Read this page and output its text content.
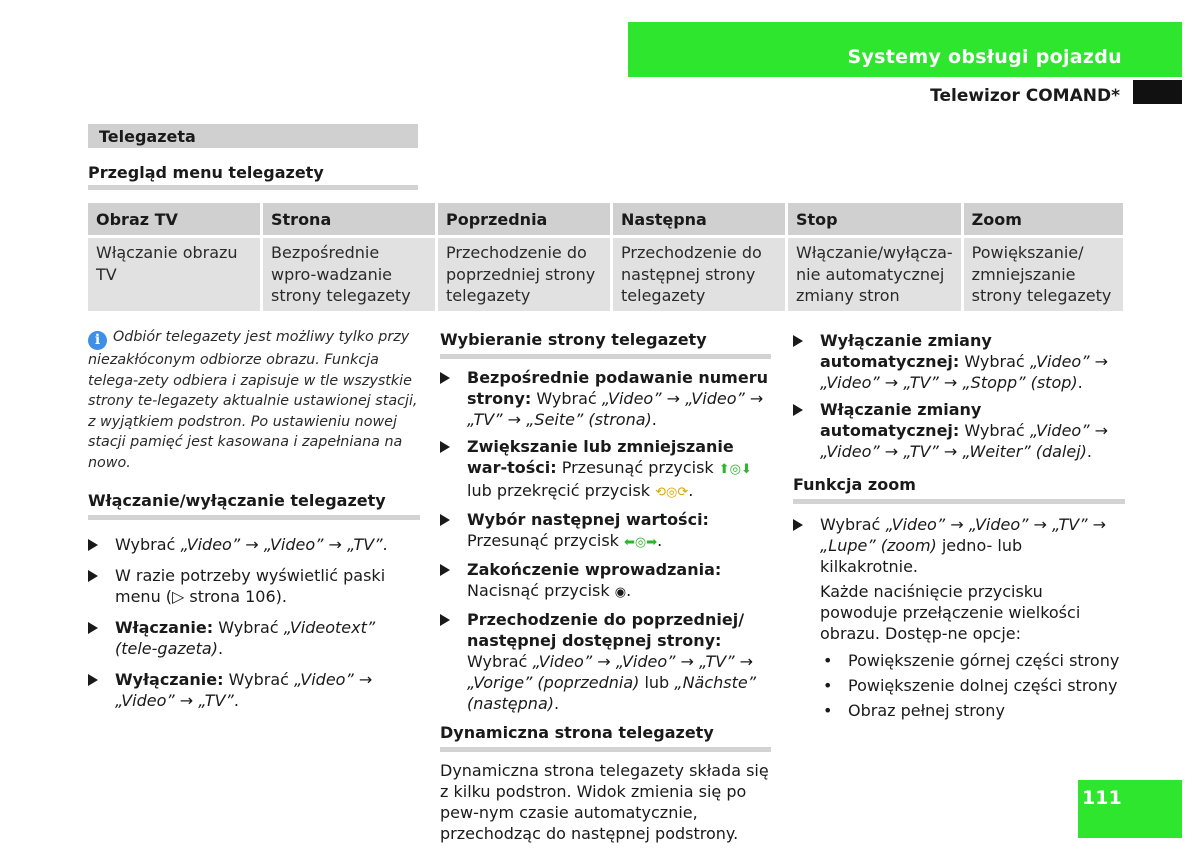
Systemy obsługi pojazdu
Telewizor COMAND*
Telegazeta
Przegląd menu telegazety
Obraz TV	Strona	Poprzednia	Następna	Stop	Zoom
Włączanie obrazu TV	Bezpośrednie wpro-wadzanie strony telegazety	Przechodzenie do poprzedniej strony telegazety	Przechodzenie do następnej strony telegazety	Włączanie/wyłącza-nie automatycznej zmiany stron	Powiększanie/ zmniejszanie strony telegazety
i Odbiór telegazety jest możliwy tylko przy niezakłóconym odbiorze obrazu. Funkcja telega-zety odbiera i zapisuje w tle wszystkie strony te-legazety aktualnie ustawionej stacji, z wyjątkiem podstron. Po ustawieniu nowej stacji pamięć jest kasowana i zapełniana na nowo.
Włączanie/wyłączanie telegazety
Wybrać „Video” → „Video” → „TV”.
W razie potrzeby wyświetlić paski menu (▷ strona 106).
Włączanie: Wybrać „Videotext” (tele-gazeta).
Wyłączanie: Wybrać „Video” → „Video” → „TV”.
Wybieranie strony telegazety
Bezpośrednie podawanie numeru strony: Wybrać „Video” → „Video” → „TV” → „Seite” (strona).
Zwiększanie lub zmniejszanie war-tości: Przesunąć przycisk ⬆◎⬇ lub przekręcić przycisk ⟲◎⟳.
Wybór następnej wartości: Przesunąć przycisk ⬅◎➡.
Zakończenie wprowadzania: Nacisnąć przycisk ◉.
Przechodzenie do poprzedniej/ następnej dostępnej strony: Wybrać „Video” → „Video” → „TV” → „Vorige” (poprzednia) lub „Nächste” (następna).
Dynamiczna strona telegazety
Dynamiczna strona telegazety składa się z kilku podstron. Widok zmienia się po pew-nym czasie automatycznie, przechodząc do następnej podstrony.
Wyłączanie zmiany automatycznej: Wybrać „Video” → „Video” → „TV” → „Stopp” (stop).
Włączanie zmiany automatycznej: Wybrać „Video” → „Video” → „TV” → „Weiter” (dalej).
Funkcja zoom
Wybrać „Video” → „Video” → „TV” → „Lupe” (zoom) jedno- lub kilkakrotnie.
Każde naciśnięcie przycisku powoduje przełączenie wielkości obrazu. Dostęp-ne opcje:
• Powiększenie górnej części strony
• Powiększenie dolnej części strony
• Obraz pełnej strony
111
